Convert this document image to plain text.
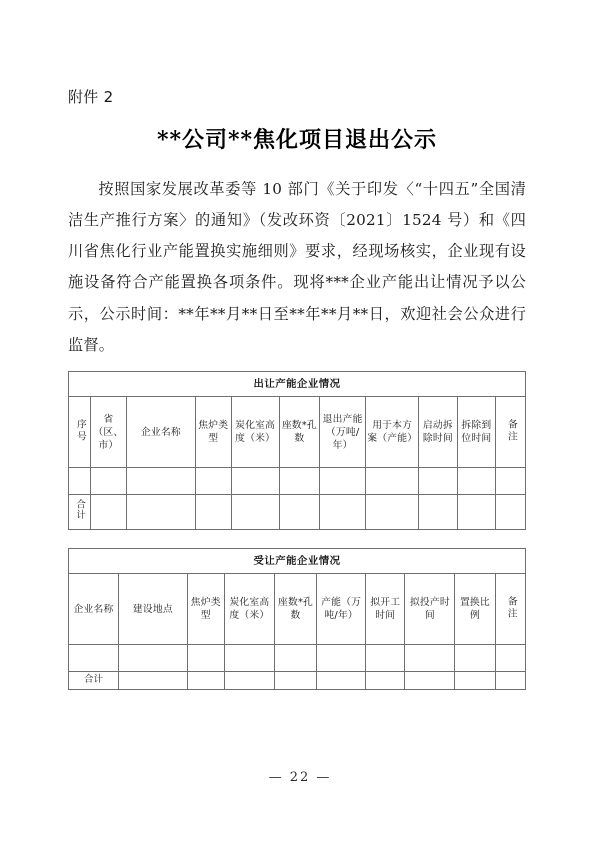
附件 2
**公司**焦化项目退出公示

按照国家发展改革委等 10 部门《关于印发〈“十四五”全国清洁生产推行方案〉的通知》（发改环资〔2021〕1524 号）和《四川省焦化行业产能置换实施细则》要求，经现场核实，企业现有设施设备符合产能置换各项条件。现将***企业产能出让情况予以公示，公示时间：**年**月**日至**年**月**日，欢迎社会公众进行监督。

出让产能企业情况										
序号	省（区、市）	企业名称	焦炉类型	炭化室高度（米）	座数*孔数	退出产能（万吨/年）	用于本方案（产能）	启动拆除时间	拆除到位时间	备注

合计										
受让产能企业情况									
企业名称	建设地点	焦炉类型	炭化室高度（米）	座数*孔数	产能（万吨/年）	拟开工时间	拟投产时间	置换比例	备注

合计									
— 22 —
